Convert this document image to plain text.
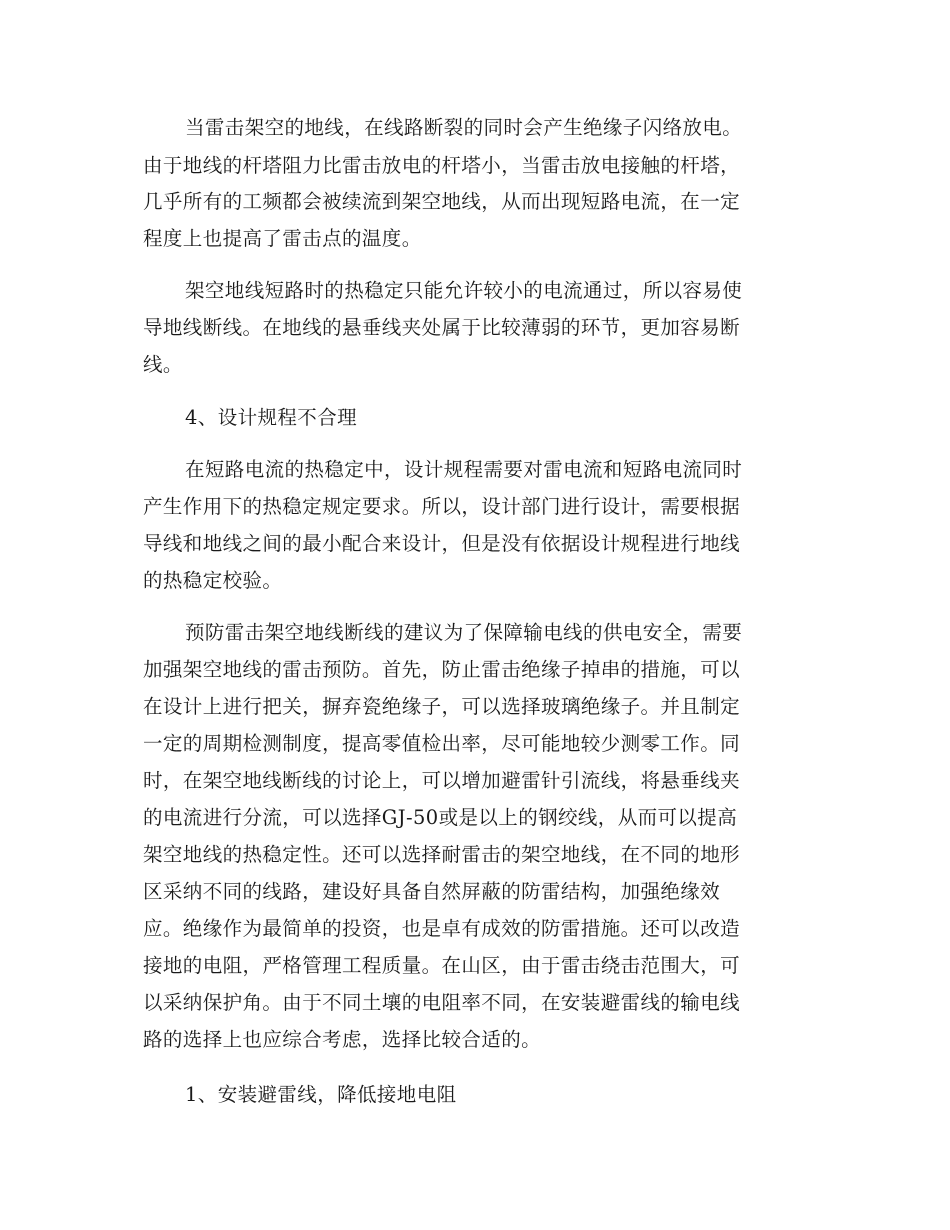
当雷击架空的地线，在线路断裂的同时会产生绝缘子闪络放电。
由于地线的杆塔阻力比雷击放电的杆塔小，当雷击放电接触的杆塔，
几乎所有的工频都会被续流到架空地线，从而出现短路电流，在一定
程度上也提高了雷击点的温度。
架空地线短路时的热稳定只能允许较小的电流通过，所以容易使
导地线断线。在地线的悬垂线夹处属于比较薄弱的环节，更加容易断
线。
4、设计规程不合理
在短路电流的热稳定中，设计规程需要对雷电流和短路电流同时
产生作用下的热稳定规定要求。所以，设计部门进行设计，需要根据
导线和地线之间的最小配合来设计，但是没有依据设计规程进行地线
的热稳定校验。
预防雷击架空地线断线的建议为了保障输电线的供电安全，需要
加强架空地线的雷击预防。首先，防止雷击绝缘子掉串的措施，可以
在设计上进行把关，摒弃瓷绝缘子，可以选择玻璃绝缘子。并且制定
一定的周期检测制度，提高零值检出率，尽可能地较少测零工作。同
时，在架空地线断线的讨论上，可以增加避雷针引流线，将悬垂线夹
的电流进行分流，可以选择GJ-50或是以上的钢绞线，从而可以提高
架空地线的热稳定性。还可以选择耐雷击的架空地线，在不同的地形
区采纳不同的线路，建设好具备自然屏蔽的防雷结构，加强绝缘效
应。绝缘作为最简单的投资，也是卓有成效的防雷措施。还可以改造
接地的电阻，严格管理工程质量。在山区，由于雷击绕击范围大，可
以采纳保护角。由于不同土壤的电阻率不同，在安装避雷线的输电线
路的选择上也应综合考虑，选择比较合适的。
1、安装避雷线，降低接地电阻
